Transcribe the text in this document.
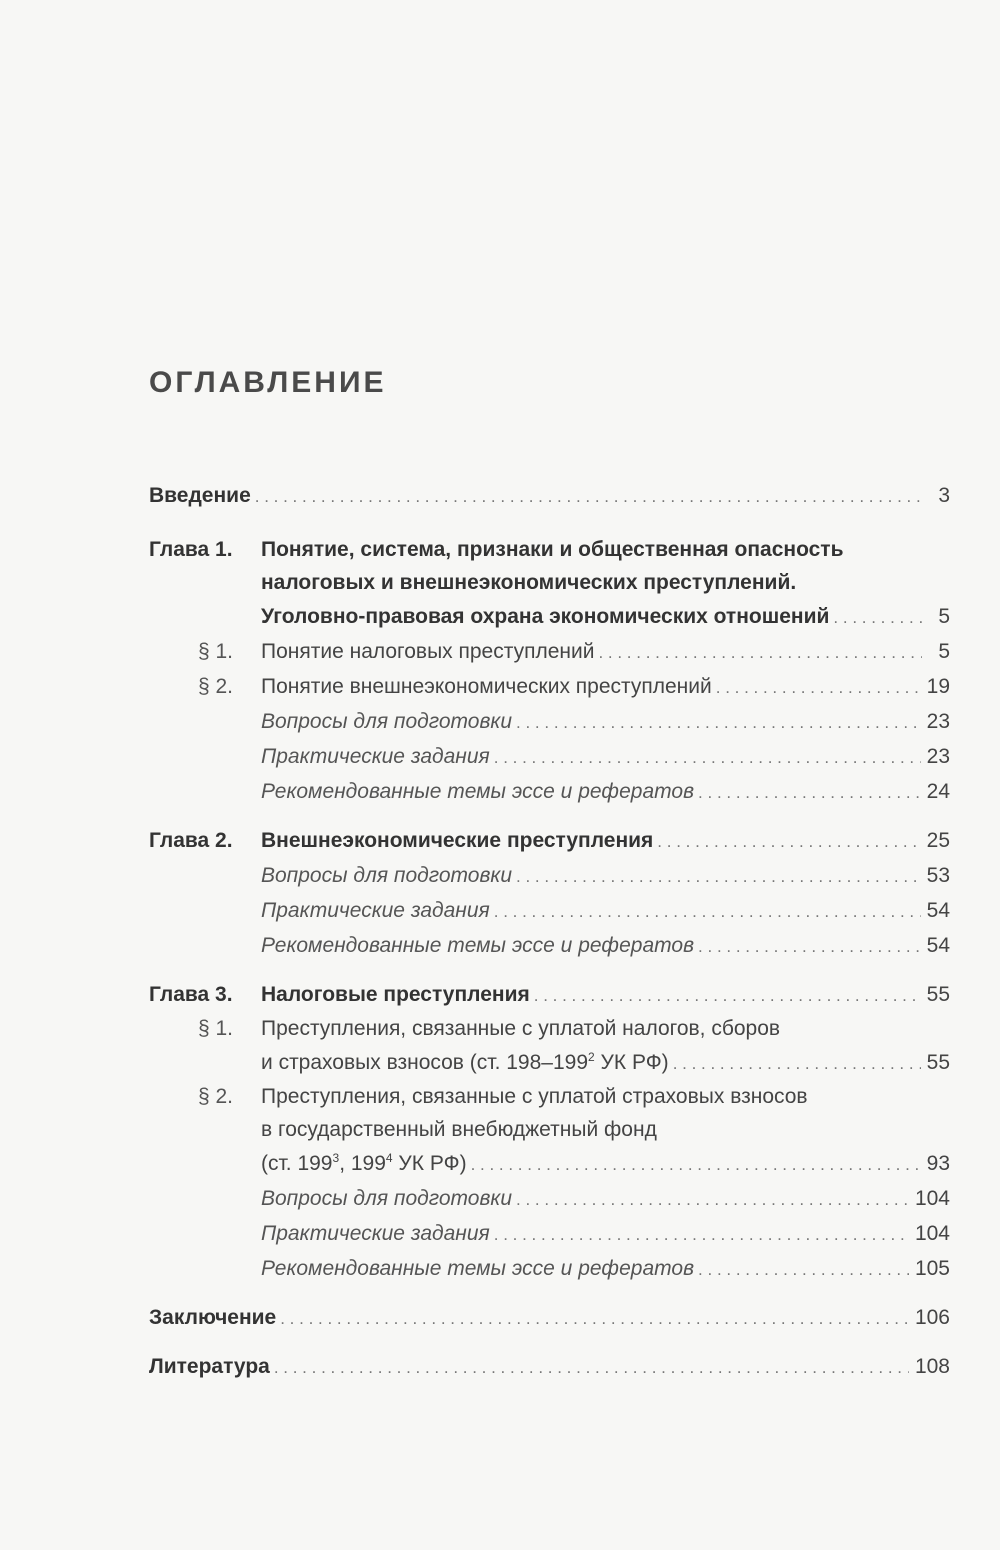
ОГЛАВЛЕНИЕ
Введение . . .	3
Глава 1.	Понятие, система, признаки и общественная опасность
налоговых и внешнеэкономических преступлений.
Уголовно-правовая охрана экономических отношений . . .	5
§ 1. Понятие налоговых преступлений . . .	5
§ 2. Понятие внешнеэкономических преступлений . . .	19
Вопросы для подготовки . . .	23
Практические задания . . .	23
Рекомендованные темы эссе и рефератов . . .	24
Глава 2.	Внешнеэкономические преступления . . .	25
Вопросы для подготовки . . .	53
Практические задания . . .	54
Рекомендованные темы эссе и рефератов . . .	54
Глава 3.	Налоговые преступления . . .	55
§ 1. Преступления, связанные с уплатой налогов, сборов
и страховых взносов (ст. $198-199^2$ УК РФ) . . .	55
§ 2. Преступления, связанные с уплатой страховых взносов
в государственный внебюджетный фонд
(ст. $199^3$, $199^4$ УК РФ) . . .	93
Вопросы для подготовки . . .	104
Практические задания . . .	104
Рекомендованные темы эссе и рефератов . . .	105
Заключение . . .	106
Литература . . .	108
